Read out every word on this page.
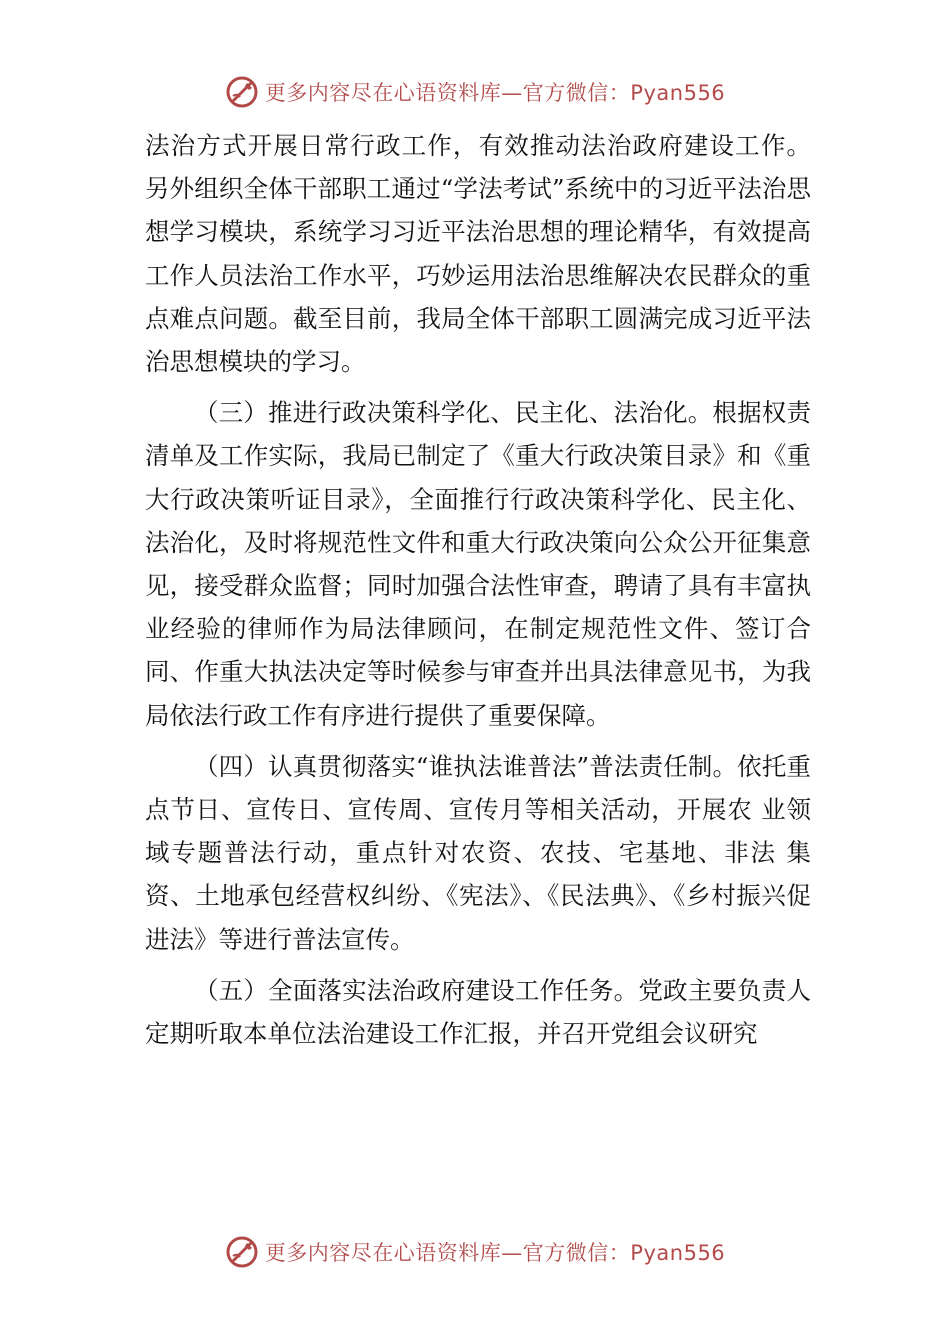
更多内容尽在心语资料库—官方微信：Pyan556

法治方式开展日常行政工作，有效推动法治政府建设工作。 另外组织全体干部职工通过“学法考试”系统中的习近平法治思想学习模块，系统学习习近平法治思想的理论精华，有效提高工作人员法治工作水平，巧妙运用法治思维解决农民群众的重点难点问题。截至目前，我局全体干部职工圆满完成习近平法治思想模块的学习。

（三）推进行政决策科学化、民主化、法治化。根据权责清单及工作实际，我局已制定了《重大行政决策目录》和《重大行政决策听证目录》，全面推行行政决策科学化、民主化、法治化，及时将规范性文件和重大行政决策向公众公开征集意见，接受群众监督；同时加强合法性审查，聘请了具有丰富执业经验的律师作为局法律顾问，在制定规范性文件、签订合同、作重大执法决定等时候参与审查并出具法律意见书，为我局依法行政工作有序进行提供了重要保障。

（四）认真贯彻落实“谁执法谁普法”普法责任制。依托重点节日、宣传日、宣传周、宣传月等相关活动，开展农 业领域专题普法行动，重点针对农资、农技、宅基地、非法 集资、土地承包经营权纠纷、《宪法》、《民法典》、《乡村振兴促进法》等进行普法宣传。

（五）全面落实法治政府建设工作任务。党政主要负责人定期听取本单位法治建设工作汇报，并召开党组会议研究

更多内容尽在心语资料库—官方微信：Pyan556
